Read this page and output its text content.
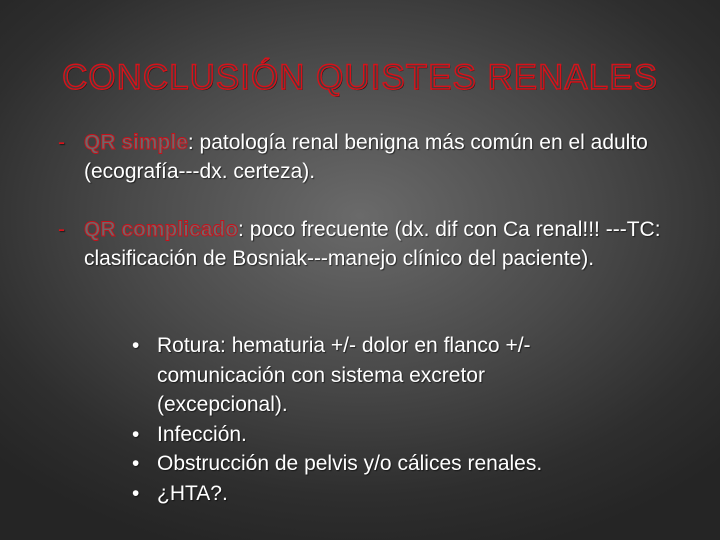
CONCLUSIÓN QUISTES RENALES
- QR simple: patología renal benigna más común en el adulto (ecografía---dx. certeza).
- QR complicado: poco frecuente (dx. dif con Ca renal!!! ---TC: clasificación de Bosniak---manejo clínico del paciente).
• Rotura: hematuria +/- dolor en flanco +/- comunicación con sistema excretor (excepcional).
• Infección.
• Obstrucción de pelvis y/o cálices renales.
• ¿HTA?.
